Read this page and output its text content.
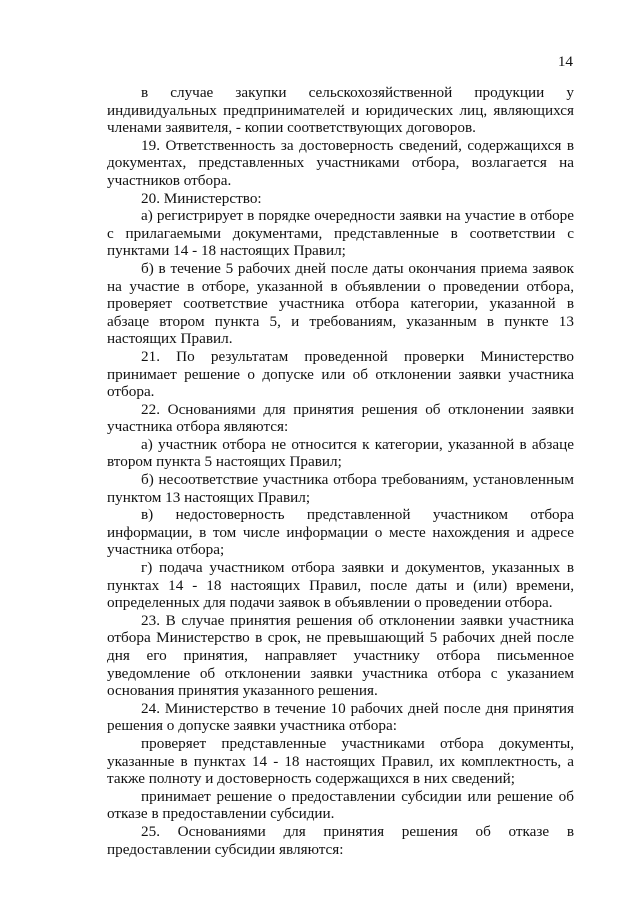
14

в случае закупки сельскохозяйственной продукции у индивидуальных предпринимателей и юридических лиц, являющихся членами заявителя, - копии соответствующих договоров.

19. Ответственность за достоверность сведений, содержащихся в документах, представленных участниками отбора, возлагается на участников отбора.

20. Министерство:

а) регистрирует в порядке очередности заявки на участие в отборе с прилагаемыми документами, представленные в соответствии с пунктами 14 - 18 настоящих Правил;

б) в течение 5 рабочих дней после даты окончания приема заявок на участие в отборе, указанной в объявлении о проведении отбора, проверяет соответствие участника отбора категории, указанной в абзаце втором пункта 5, и требованиям, указанным в пункте 13 настоящих Правил.

21. По результатам проведенной проверки Министерство принимает решение о допуске или об отклонении заявки участника отбора.

22. Основаниями для принятия решения об отклонении заявки участника отбора являются:

а) участник отбора не относится к категории, указанной в абзаце втором пункта 5 настоящих Правил;

б) несоответствие участника отбора требованиям, установленным пунктом 13 настоящих Правил;

в) недостоверность представленной участником отбора информации, в том числе информации о месте нахождения и адресе участника отбора;

г) подача участником отбора заявки и документов, указанных в пунктах 14 - 18 настоящих Правил, после даты и (или) времени, определенных для подачи заявок в объявлении о проведении отбора.

23. В случае принятия решения об отклонении заявки участника отбора Министерство в срок, не превышающий 5 рабочих дней после дня его принятия, направляет участнику отбора письменное уведомление об отклонении заявки участника отбора с указанием основания принятия указанного решения.

24. Министерство в течение 10 рабочих дней после дня принятия решения о допуске заявки участника отбора:

проверяет представленные участниками отбора документы, указанные в пунктах 14 - 18 настоящих Правил, их комплектность, а также полноту и достоверность содержащихся в них сведений;

принимает решение о предоставлении субсидии или решение об отказе в предоставлении субсидии.

25. Основаниями для принятия решения об отказе в предоставлении субсидии являются:
